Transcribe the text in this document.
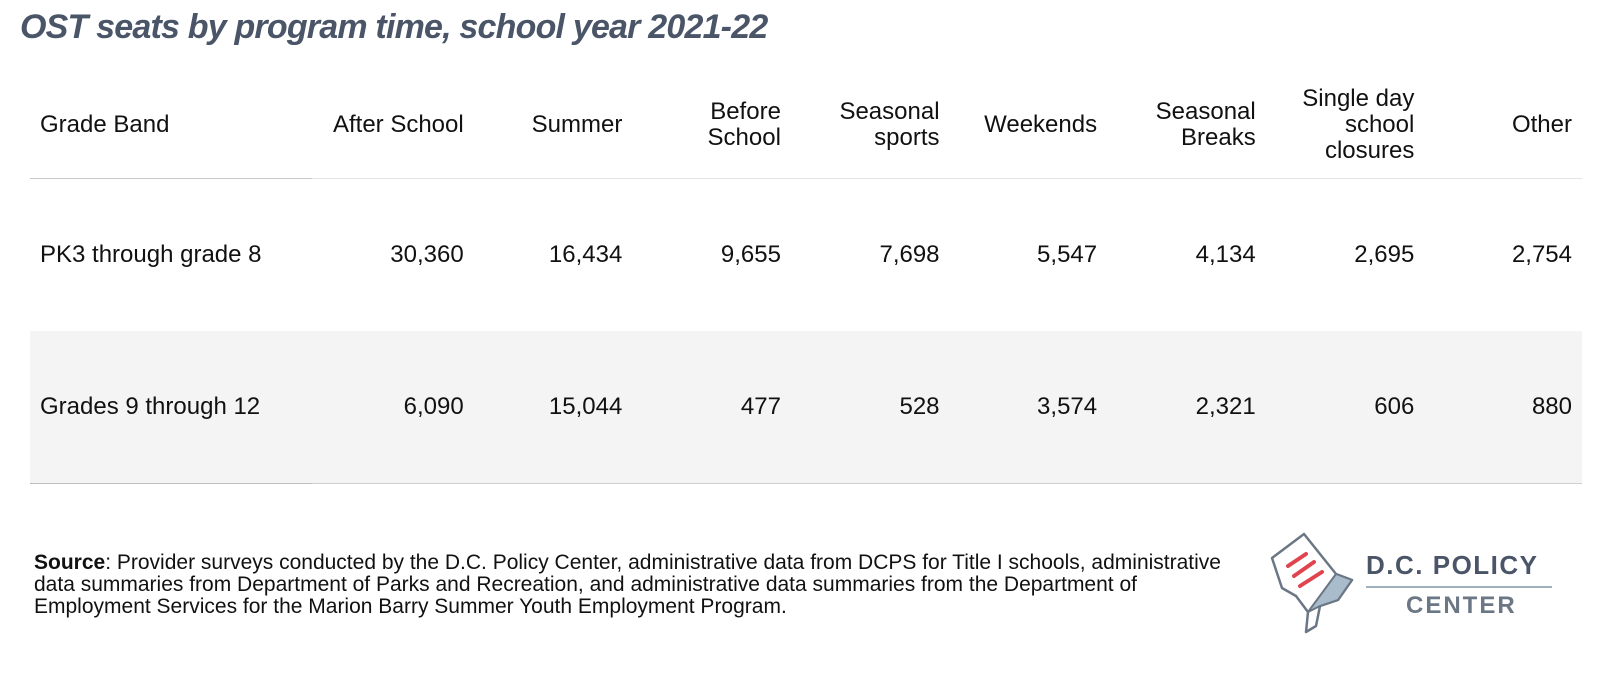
OST seats by program time, school year 2021-22
Grade Band	After School	Summer	Before School	Seasonal sports	Weekends	Seasonal Breaks	Single day school closures	Other
PK3 through grade 8	30,360	16,434	9,655	7,698	5,547	4,134	2,695	2,754
Grades 9 through 12	6,090	15,044	477	528	3,574	2,321	606	880
Source: Provider surveys conducted by the D.C. Policy Center, administrative data from DCPS for Title I schools, administrative data summaries from Department of Parks and Recreation, and administrative data summaries from the Department of Employment Services for the Marion Barry Summer Youth Employment Program.
D.C. POLICY
CENTER
